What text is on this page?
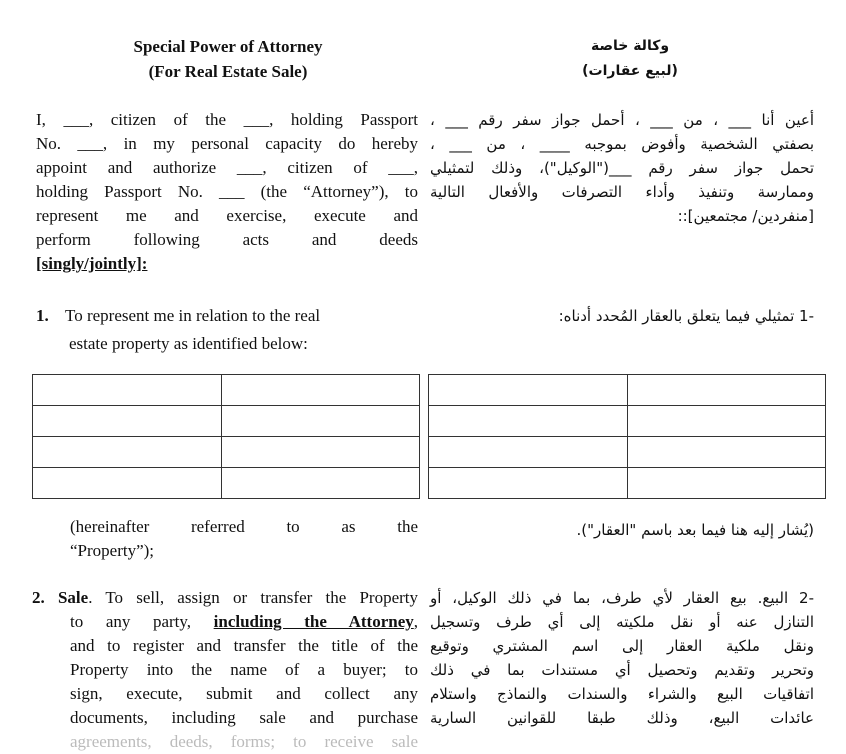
Special Power of Attorney
(For Real Estate Sale)
وكالة خاصة
(لبيع عقارات)
I, ___, citizen of the ___, holding Passport
No. ___, in my personal capacity do hereby
appoint and authorize ___, citizen of ___,
holding Passport No. ___ (the “Attorney”), to
represent me and exercise, execute and
perform following acts and deeds
[singly/jointly]:
أعين أنا ___ ، من ___ ، أحمل جواز سفر رقم ___ ،
بصفتي الشخصية وأفوض بموجبه ____ ، من ___ ،
تحمل جواز سفر رقم ___("الوكيل")، وذلك لتمثيلي
وممارسة وتنفيذ وأداء التصرفات والأفعال التالية
[منفردين/ مجتمعين]::
1. To represent me in relation to the real
estate property as identified below:
-1 تمثيلي فيما يتعلق بالعقار المُحدد أدناه:

(hereinafter referred to as the
“Property”);
(يُشار إليه هنا فيما بعد باسم "العقار").
2. Sale. To sell, assign or transfer the Property
to any party, including the Attorney,
and to register and transfer the title of the
Property into the name of a buyer; to
sign, execute, submit and collect any
documents, including sale and purchase
agreements, deeds, forms; to receive sale
-2 البيع. بيع العقار لأي طرف، بما في ذلك الوكيل، أو
التنازل عنه أو نقل ملكيته إلى أي طرف وتسجيل
ونقل ملكية العقار إلى اسم المشتري وتوقيع
وتحرير وتقديم وتحصيل أي مستندات بما في ذلك
اتفاقيات البيع والشراء والسندات والنماذج واستلام
عائدات البيع، وذلك طبقا للقوانين السارية
